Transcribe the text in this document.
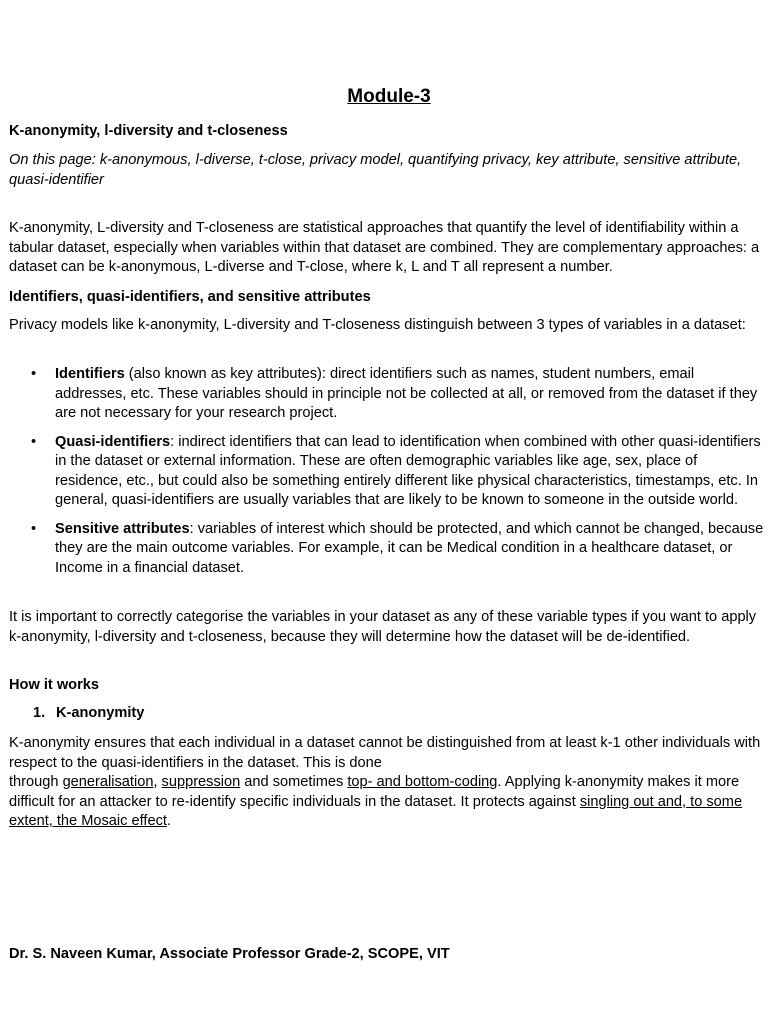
Module-3
K-anonymity, l-diversity and t-closeness
On this page: k-anonymous, l-diverse, t-close, privacy model, quantifying privacy, key attribute, sensitive attribute, quasi-identifier
K-anonymity, L-diversity and T-closeness are statistical approaches that quantify the level of identifiability within a tabular dataset, especially when variables within that dataset are combined. They are complementary approaches: a dataset can be k-anonymous, L-diverse and T-close, where k, L and T all represent a number.
Identifiers, quasi-identifiers, and sensitive attributes
Privacy models like k-anonymity, L-diversity and T-closeness distinguish between 3 types of variables in a dataset:
• Identifiers (also known as key attributes): direct identifiers such as names, student numbers, email addresses, etc. These variables should in principle not be collected at all, or removed from the dataset if they are not necessary for your research project.
• Quasi-identifiers: indirect identifiers that can lead to identification when combined with other quasi-identifiers in the dataset or external information. These are often demographic variables like age, sex, place of residence, etc., but could also be something entirely different like physical characteristics, timestamps, etc. In general, quasi-identifiers are usually variables that are likely to be known to someone in the outside world.
• Sensitive attributes: variables of interest which should be protected, and which cannot be changed, because they are the main outcome variables. For example, it can be Medical condition in a healthcare dataset, or Income in a financial dataset.
It is important to correctly categorise the variables in your dataset as any of these variable types if you want to apply k-anonymity, l-diversity and t-closeness, because they will determine how the dataset will be de-identified.
How it works
1. K-anonymity
K-anonymity ensures that each individual in a dataset cannot be distinguished from at least k-1 other individuals with respect to the quasi-identifiers in the dataset. This is done
through generalisation, suppression and sometimes top- and bottom-coding. Applying k-anonymity makes it more difficult for an attacker to re-identify specific individuals in the dataset. It protects against singling out and, to some extent, the Mosaic effect.
Dr. S. Naveen Kumar, Associate Professor Grade-2, SCOPE, VIT
